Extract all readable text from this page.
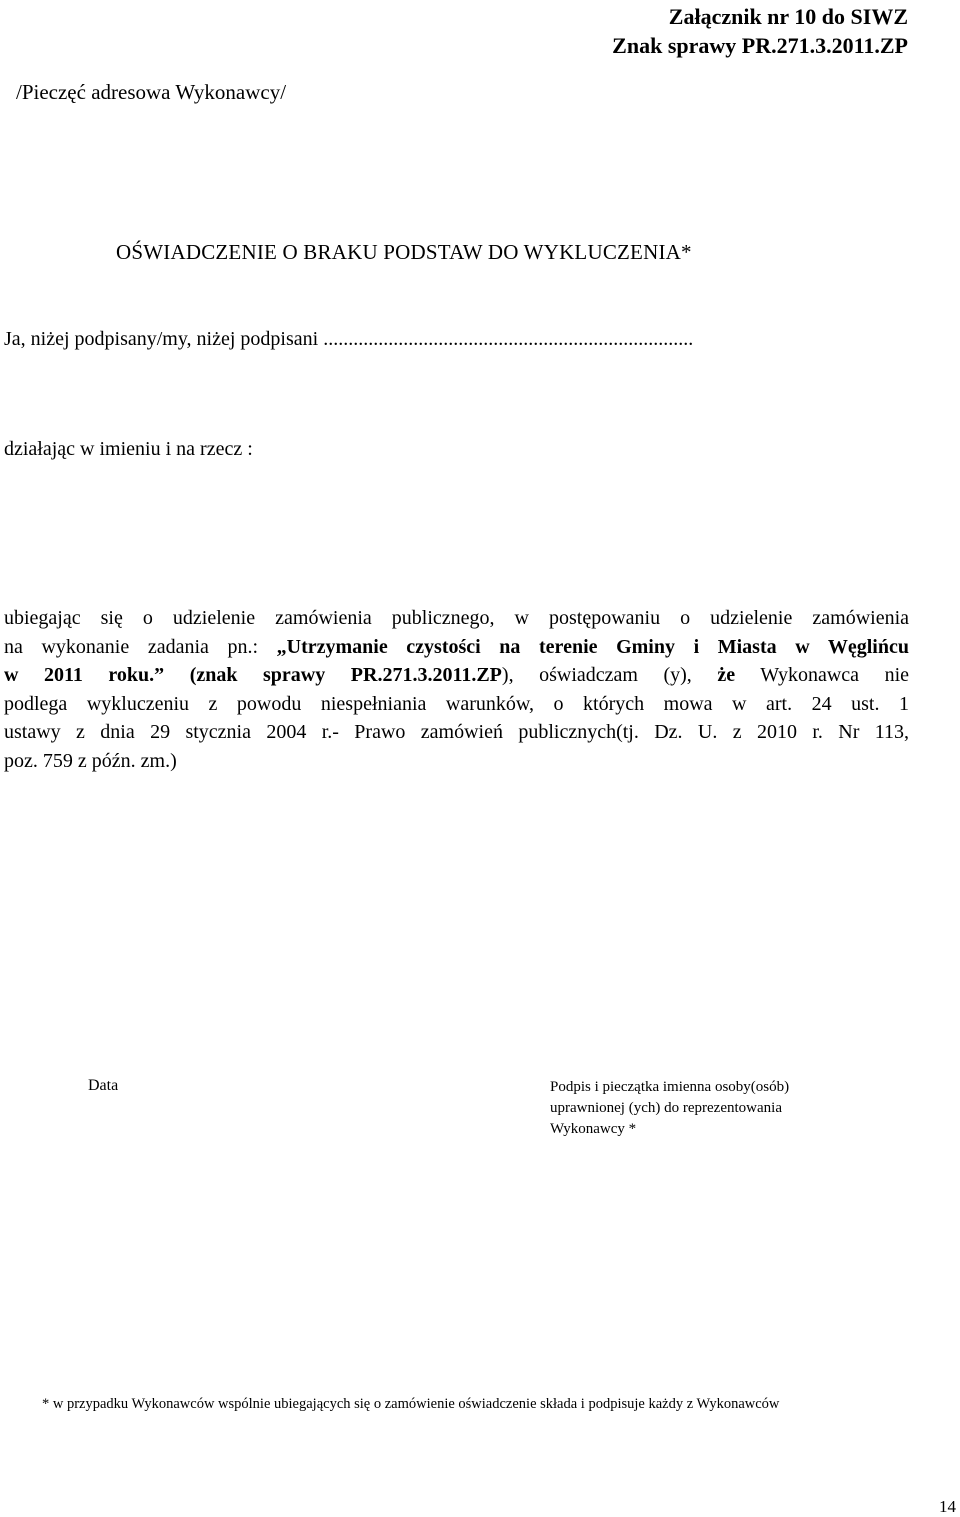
Załącznik nr 10 do SIWZ
Znak sprawy PR.271.3.2011.ZP
/Pieczęć adresowa Wykonawcy/
OŚWIADCZENIE O BRAKU PODSTAW DO WYKLUCZENIA*
Ja, niżej podpisany/my, niżej podpisani ..........................................................................
działając w imieniu i na rzecz :
ubiegając się o udzielenie zamówienia publicznego, w postępowaniu o udzielenie zamówienia
na wykonanie zadania pn.: „Utrzymanie czystości na terenie Gminy i Miasta w Węglińcu
w 2011 roku.” (znak sprawy PR.271.3.2011.ZP), oświadczam (y), że Wykonawca nie
podlega wykluczeniu z powodu niespełniania warunków, o których mowa w art. 24 ust. 1
ustawy z dnia 29 stycznia 2004 r.- Prawo zamówień publicznych(tj. Dz. U. z 2010 r. Nr 113,
poz. 759 z późn. zm.)
Data	Podpis i pieczątka imienna osoby(osób)
uprawnionej (ych) do reprezentowania
Wykonawcy *
* w przypadku Wykonawców wspólnie ubiegających się o zamówienie oświadczenie składa i podpisuje każdy z Wykonawców
14
